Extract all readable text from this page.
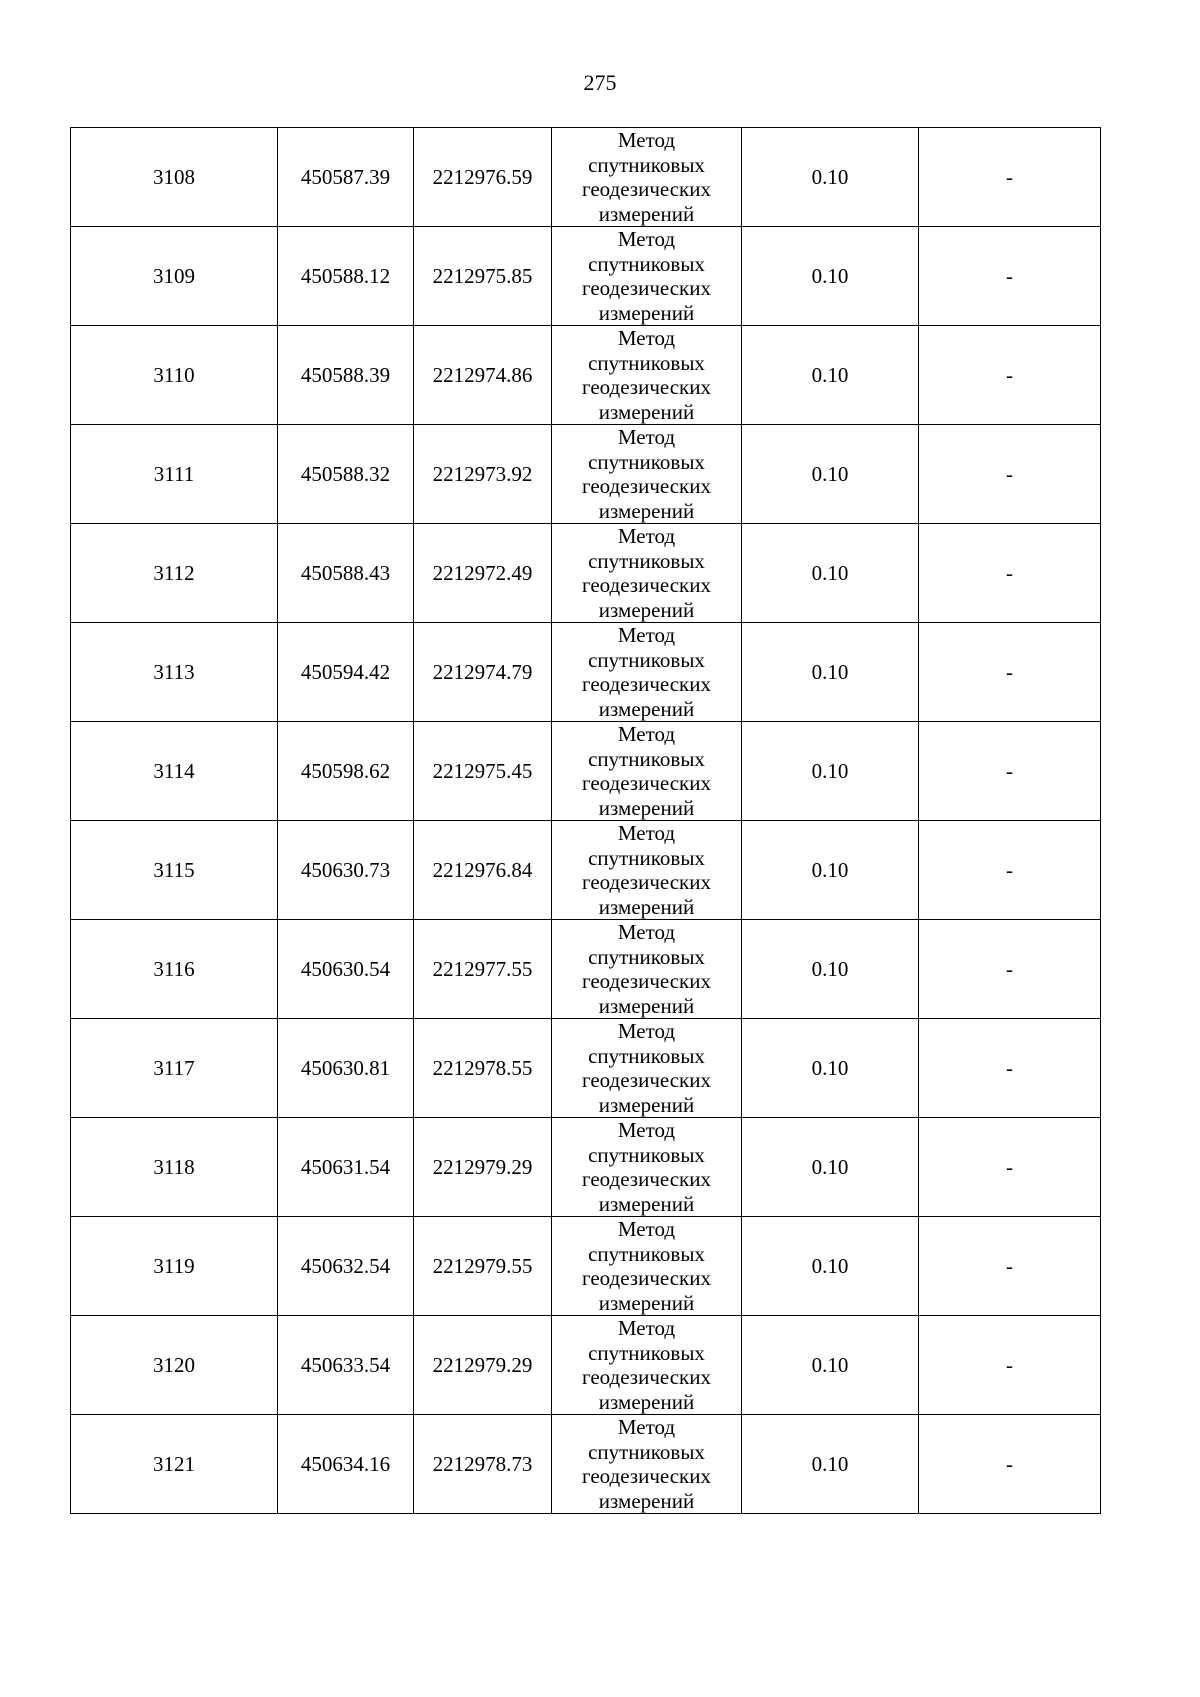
275
3108	450587.39	2212976.59	Метод
спутниковых
геодезических
измерений	0.10	-
3109	450588.12	2212975.85	Метод
спутниковых
геодезических
измерений	0.10	-
3110	450588.39	2212974.86	Метод
спутниковых
геодезических
измерений	0.10	-
3111	450588.32	2212973.92	Метод
спутниковых
геодезических
измерений	0.10	-
3112	450588.43	2212972.49	Метод
спутниковых
геодезических
измерений	0.10	-
3113	450594.42	2212974.79	Метод
спутниковых
геодезических
измерений	0.10	-
3114	450598.62	2212975.45	Метод
спутниковых
геодезических
измерений	0.10	-
3115	450630.73	2212976.84	Метод
спутниковых
геодезических
измерений	0.10	-
3116	450630.54	2212977.55	Метод
спутниковых
геодезических
измерений	0.10	-
3117	450630.81	2212978.55	Метод
спутниковых
геодезических
измерений	0.10	-
3118	450631.54	2212979.29	Метод
спутниковых
геодезических
измерений	0.10	-
3119	450632.54	2212979.55	Метод
спутниковых
геодезических
измерений	0.10	-
3120	450633.54	2212979.29	Метод
спутниковых
геодезических
измерений	0.10	-
3121	450634.16	2212978.73	Метод
спутниковых
геодезических
измерений	0.10	-
